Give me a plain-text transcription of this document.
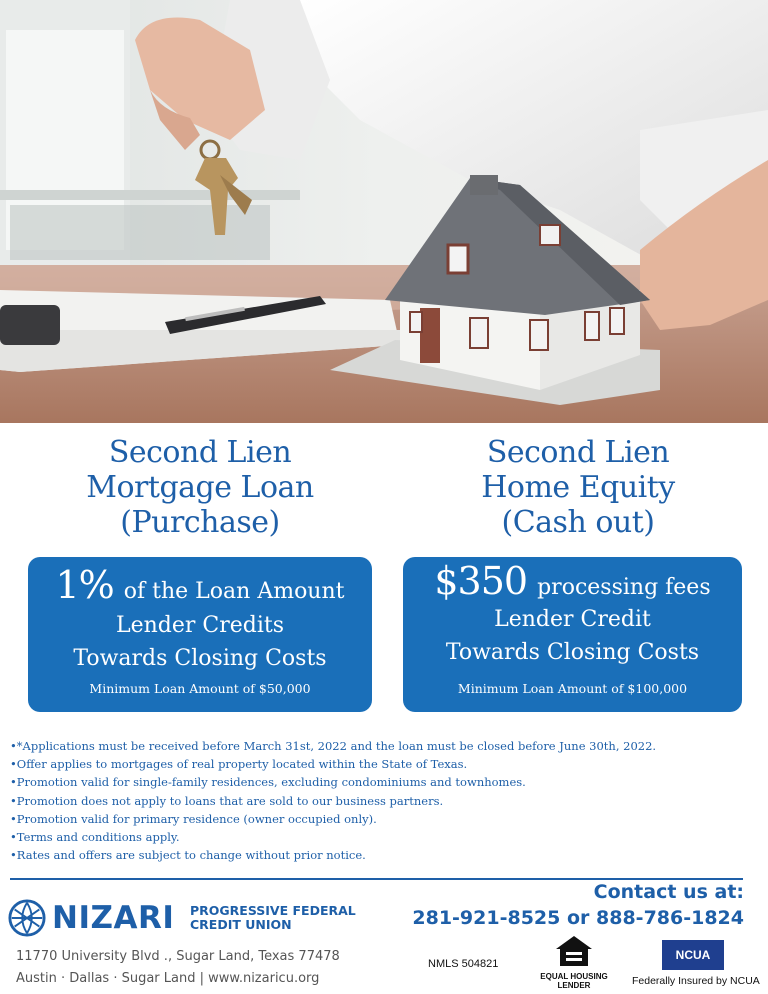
Second Lien
Mortgage Loan
(Purchase)
Second Lien
Home Equity
(Cash out)
1% of the Loan Amount
Lender Credits
Towards Closing Costs
Minimum Loan Amount of $50,000
$350 processing fees
Lender Credit
Towards Closing Costs
Minimum Loan Amount of $100,000
• *Applications must be received before March 31st, 2022 and the loan must be closed before June 30th, 2022.
• Offer applies to mortgages of real property located within the State of Texas.
• Promotion valid for single-family residences, excluding condominiums and townhomes.
• Promotion does not apply to loans that are sold to our business partners.
• Promotion valid for primary residence (owner occupied only).
• Terms and conditions apply.
• Rates and offers are subject to change without prior notice.
NIZARI PROGRESSIVE FEDERAL
CREDIT UNION
11770 University Blvd ., Sugar Land, Texas 77478
Austin · Dallas · Sugar Land | www.nizaricu.org
Contact us at:
281-921-8525 or 888-786-1824
NMLS 504821
EQUAL HOUSING
LENDER
NCUA
Federally Insured by NCUA
